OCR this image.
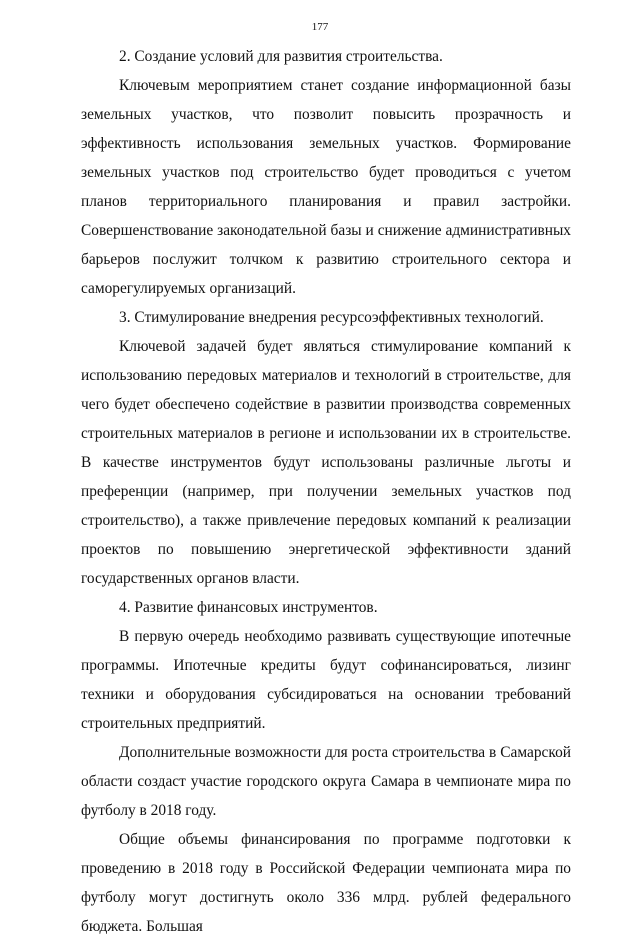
177

2. Создание условий для развития строительства.

Ключевым мероприятием станет создание информационной базы земельных участков, что позволит повысить прозрачность и эффективность использования земельных участков. Формирование земельных участков под строительство будет проводиться с учетом планов территориального планирования и правил застройки. Совершенствование законодательной базы и снижение административных барьеров послужит толчком к развитию строительного сектора и саморегулируемых организаций.

3. Стимулирование внедрения ресурсоэффективных технологий.

Ключевой задачей будет являться стимулирование компаний к использованию передовых материалов и технологий в строительстве, для чего будет обеспечено содействие в развитии производства современных строительных материалов в регионе и использовании их в строительстве. В качестве инструментов будут использованы различные льготы и преференции (например, при получении земельных участков под строительство), а также привлечение передовых компаний к реализации проектов по повышению энергетической эффективности зданий государственных органов власти.

4. Развитие финансовых инструментов.

В первую очередь необходимо развивать существующие ипотечные программы. Ипотечные кредиты будут софинансироваться, лизинг техники и оборудования субсидироваться на основании требований строительных предприятий.

Дополнительные возможности для роста строительства в Самарской области создаст участие городского округа Самара в чемпионате мира по футболу в 2018 году.

Общие объемы финансирования по программе подготовки к проведению в 2018 году в Российской Федерации чемпионата мира по футболу могут достигнуть около 336 млрд. рублей федерального бюджета. Большая
